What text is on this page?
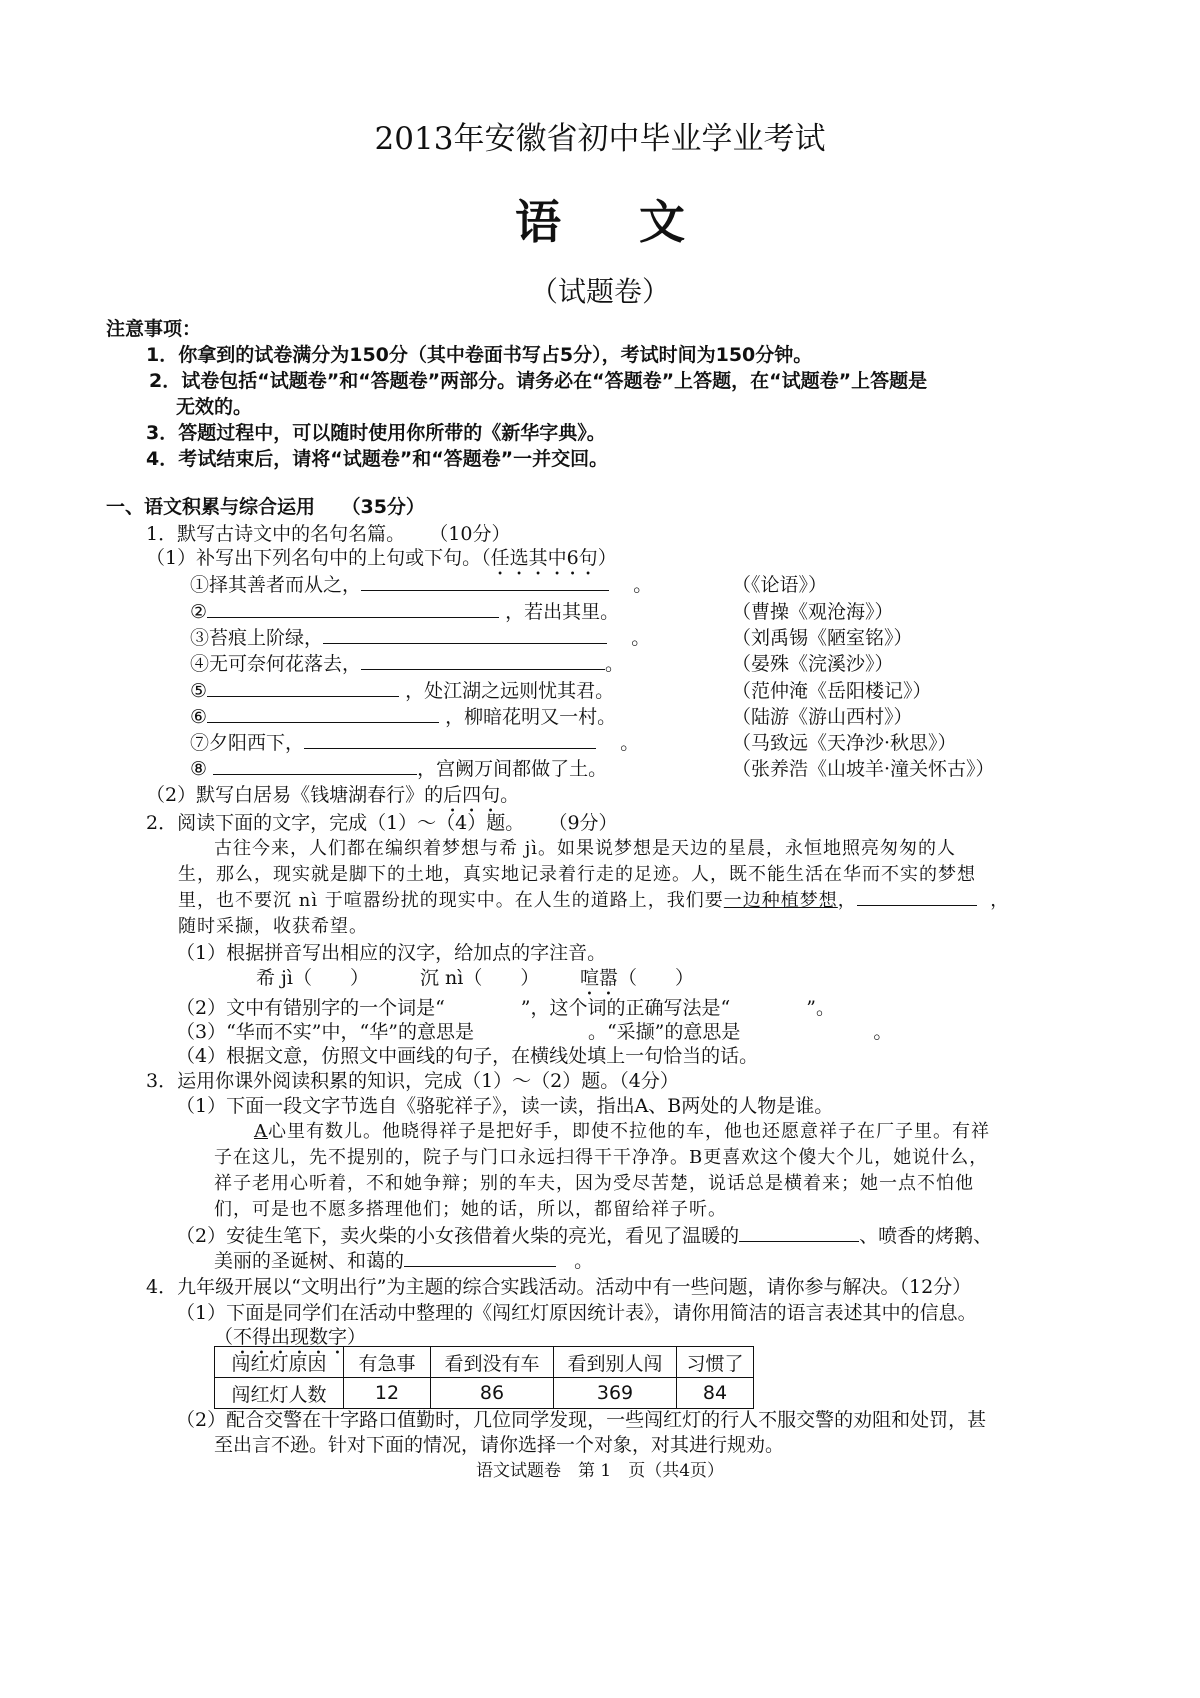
2013年安徽省初中毕业学业考试
语文
（试题卷）
注意事项：
1．你拿到的试卷满分为150分（其中卷面书写占5分），考试时间为150分钟。
2．试卷包括“试题卷”和“答题卷”两部分。请务必在“答题卷”上答题，在“试题卷”上答题是
无效的。
3．答题过程中，可以随时使用你所带的《新华字典》。
4．考试结束后，请将“试题卷”和“答题卷”一并交回。
一、语文积累与综合运用 （35分）
1．默写古诗文中的名句名篇。 （10分）
（1）补写出下列名句中的上句或下句。（任选其中6句）
①择其善者而从之，	。	（《论语》）
②	，若出其里。	（曹操《观沧海》）
③苔痕上阶绿，	。	（刘禹锡《陋室铭》）
④无可奈何花落去，	。	（晏殊《浣溪沙》）
⑤	，处江湖之远则忧其君。	（范仲淹《岳阳楼记》）
⑥	，柳暗花明又一村。	（陆游《游山西村》）
⑦夕阳西下，	。	（马致远《天净沙·秋思》）
⑧	，宫阙万间都做了土。	（张养浩《山坡羊·潼关怀古》）
（2）默写白居易《钱塘湖春行》的后四句。
2．阅读下面的文字，完成（1）～（4）题。 （9分）
古往今来，人们都在编织着梦想与希 jì。如果说梦想是天边的星晨，永恒地照亮匆匆的人
生，那么，现实就是脚下的土地，真实地记录着行走的足迹。人，既不能生活在华而不实的梦想
里，也不要沉 nì 于喧嚣纷扰的现实中。在人生的道路上，我们要一边种植梦想，	，
随时采撷，收获希望。
（1）根据拼音写出相应的汉字，给加点的字注音。
希 jì（　　）	沉 nì（　　） 喧嚣（　　）
（2）文中有错别字的一个词是“　　　　”，这个词的正确写法是“　　　　”。
（3）“华而不实”中，“华”的意思是　　　　　　。“采撷”的意思是　　　　　　　。
（4）根据文意，仿照文中画线的句子，在横线处填上一句恰当的话。
3．运用你课外阅读积累的知识，完成（1）～（2）题。（4分）
（1）下面一段文字节选自《骆驼祥子》，读一读，指出A、B两处的人物是谁。
A心里有数儿。他晓得祥子是把好手，即使不拉他的车，他也还愿意祥子在厂子里。有祥
子在这儿，先不提别的，院子与门口永远扫得干干净净。B更喜欢这个傻大个儿，她说什么，
祥子老用心听着，不和她争辩；别的车夫，因为受尽苦楚，说话总是横着来；她一点不怕他
们，可是也不愿多搭理他们；她的话，所以，都留给祥子听。
（2）安徒生笔下，卖火柴的小女孩借着火柴的亮光，看见了温暖的	、喷香的烤鹅、
美丽的圣诞树、和蔼的	。
4．九年级开展以“文明出行”为主题的综合实践活动。活动中有一些问题，请你参与解决。（12分）
（1）下面是同学们在活动中整理的《闯红灯原因统计表》，请你用简洁的语言表述其中的信息。
（不得出现数字）
闯红灯原因	有急事	看到没有车	看到别人闯	习惯了
闯红灯人数	12	86	369	84
（2）配合交警在十字路口值勤时，几位同学发现，一些闯红灯的行人不服交警的劝阻和处罚，甚
至出言不逊。针对下面的情况，请你选择一个对象，对其进行规劝。
语文试题卷　第 1　页（共4页）
